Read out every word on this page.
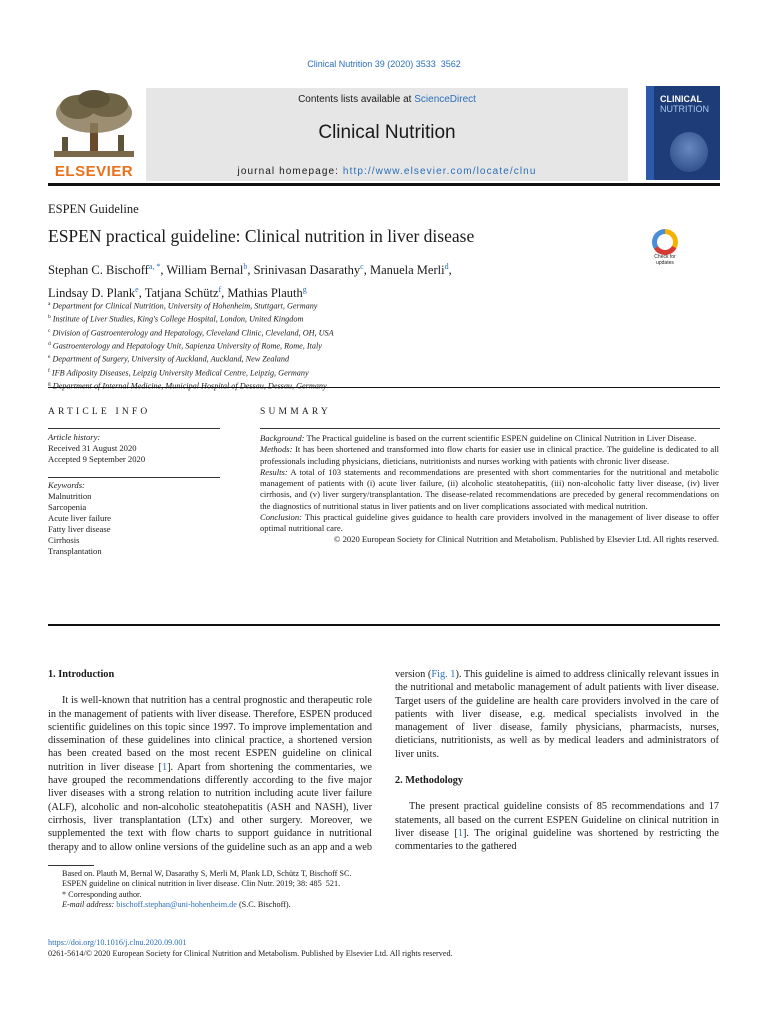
Clinical Nutrition 39 (2020) 3533  3562
ELSEVIER
Contents lists available at ScienceDirect
Clinical Nutrition
journal homepage: http://www.elsevier.com/locate/clnu
CLINICAL
NUTRITION
ESPEN Guideline
ESPEN practical guideline: Clinical nutrition in liver disease
Check for updates
Stephan C. Bischoff$^{a, *}$, William Bernal$^b$, Srinivasan Dasarathy$^c$, Manuela Merli$^d$,
Lindsay D. Plank$^e$, Tatjana Schütz$^f$, Mathias Plauth$^g$
$^a$ Department for Clinical Nutrition, University of Hohenheim, Stuttgart, Germany
$^b$ Institute of Liver Studies, King's College Hospital, London, United Kingdom
$^c$ Division of Gastroenterology and Hepatology, Cleveland Clinic, Cleveland, OH, USA
$^d$ Gastroenterology and Hepatology Unit, Sapienza University of Rome, Rome, Italy
$^e$ Department of Surgery, University of Auckland, Auckland, New Zealand
$^f$ IFB Adiposity Diseases, Leipzig University Medical Centre, Leipzig, Germany
$^g$
ARTICLE INFO
Article history:
Received 31 August 2020
Accepted 9 September 2020
Keywords:
Malnutrition
Sarcopenia
Acute liver failure
Fatty liver disease
Cirrhosis
Transplantation
SUMMARY

Background: The Practical guideline is based on the current scientific ESPEN guideline on Clinical Nutrition in Liver Disease.

Methods: It has been shortened and transformed into flow charts for easier use in clinical practice. The guideline is dedicated to all professionals including physicians, dieticians, nutritionists and nurses working with patients with chronic liver disease.

Results: A total of 103 statements and recommendations are presented with short commentaries for the nutritional and metabolic management of patients with (i) acute liver failure, (ii) alcoholic steatohepatitis, (iii) non-alcoholic fatty liver disease, (iv) liver cirrhosis, and (v) liver surgery/transplantation. The disease-related recommendations are preceded by general recommendations on the diagnostics of nutritional status in liver patients and on liver complications associated with medical nutrition.

Conclusion: This practical guideline gives guidance to health care providers involved in the management of liver disease to offer optimal nutritional care.

© 2020 European Society for Clinical Nutrition and Metabolism. Published by Elsevier Ltd. All rights reserved.

1. Introduction

It is well-known that nutrition has a central prognostic and therapeutic role in the management of patients with liver disease. Therefore, ESPEN produced scientific guidelines on this topic since 1997. To improve implementation and dissemination of these guidelines into clinical practice, a shortened version has been created based on the most recent ESPEN guideline on clinical nutrition in liver disease [1]. Apart from shortening the commentaries, we have grouped the recommendations differently according to the five major liver diseases with a strong relation to nutrition including acute liver failure (ALF), alcoholic and non-alcoholic steatohepatitis (ASH and NASH), liver cirrhosis, liver transplantation (LTx) and other surgery. Moreover, we supplemented the text with flow charts to support guidance in nutritional therapy and to allow online versions of the guideline such as an app and a web

version (Fig. 1). This guideline is aimed to address clinically relevant issues in the nutritional and metabolic management of adult patients with liver disease. Target users of the guideline are health care providers involved in the care of patients with liver disease, e.g. medical specialists involved in the management of liver disease, family physicians, pharmacists, nurses, dieticians, nutritionists, as well as by medical leaders and administrators of liver units.

2. Methodology

The present practical guideline consists of 85 recommendations and 17 statements, all based on the current ESPEN Guideline on clinical nutrition in liver disease [1]. The original guideline was shortened by restricting the commentaries to the gathered

Based on. Plauth M, Bernal W, Dasarathy S, Merli M, Plank LD, Schütz T, Bischoff SC. ESPEN guideline on clinical nutrition in liver disease. Clin Nutr. 2019; 38: 485  521.

* Corresponding author.

E-mail address: bischoff.stephan@uni-hohenheim.de (S.C. Bischoff).

https://doi.org/10.1016/j.clnu.2020.09.001
0261-5614/© 2020 European Society for Clinical Nutrition and Metabolism. Published by Elsevier Ltd. All rights reserved.
